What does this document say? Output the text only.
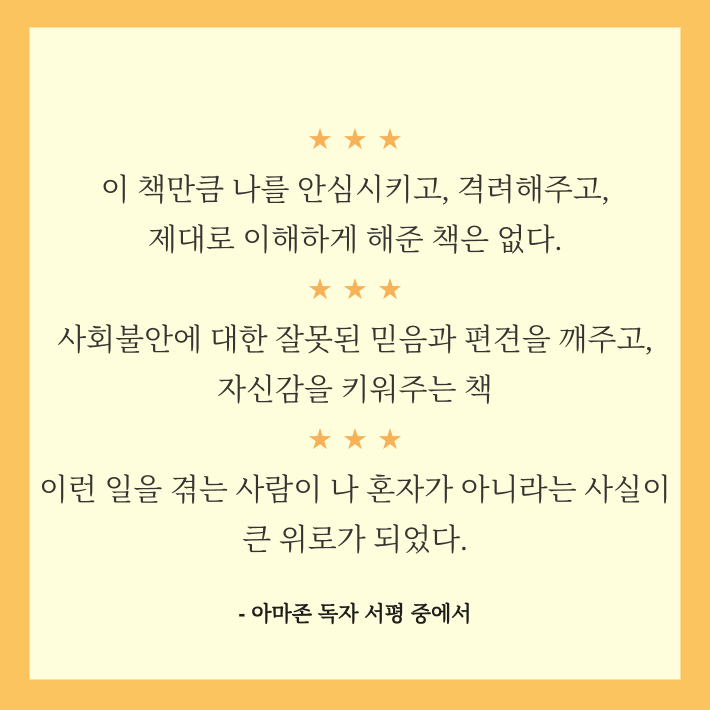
★★★
이 책만큼 나를 안심시키고, 격려해주고,
제대로 이해하게 해준 책은 없다.
★★★
사회불안에 대한 잘못된 믿음과 편견을 깨주고,
자신감을 키워주는 책
★★★
이런 일을 겪는 사람이 나 혼자가 아니라는 사실이
큰 위로가 되었다.
- 아마존 독자 서평 중에서
